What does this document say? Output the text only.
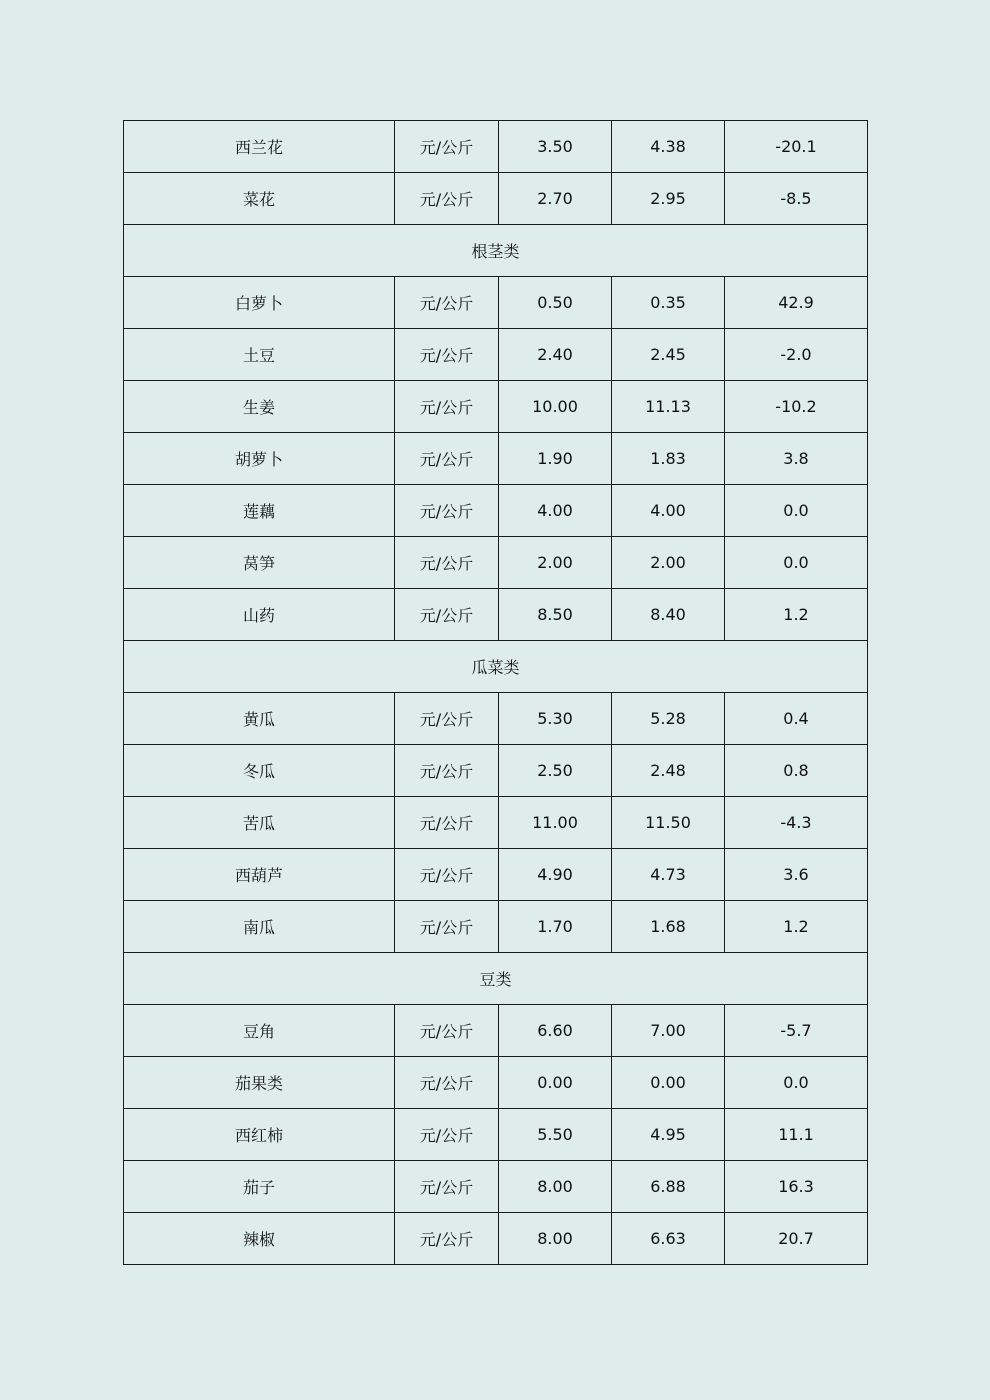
西兰花	元/公斤	3.50	4.38	-20.1
菜花	元/公斤	2.70	2.95	-8.5
根茎类				
白萝卜	元/公斤	0.50	0.35	42.9
土豆	元/公斤	2.40	2.45	-2.0
生姜	元/公斤	10.00	11.13	-10.2
胡萝卜	元/公斤	1.90	1.83	3.8
莲藕	元/公斤	4.00	4.00	0.0
莴笋	元/公斤	2.00	2.00	0.0
山药	元/公斤	8.50	8.40	1.2
瓜菜类				
黄瓜	元/公斤	5.30	5.28	0.4
冬瓜	元/公斤	2.50	2.48	0.8
苦瓜	元/公斤	11.00	11.50	-4.3
西葫芦	元/公斤	4.90	4.73	3.6
南瓜	元/公斤	1.70	1.68	1.2
豆类				
豆角	元/公斤	6.60	7.00	-5.7
茄果类	元/公斤	0.00	0.00	0.0
西红柿	元/公斤	5.50	4.95	11.1
茄子	元/公斤	8.00	6.88	16.3
辣椒	元/公斤	8.00	6.63	20.7
